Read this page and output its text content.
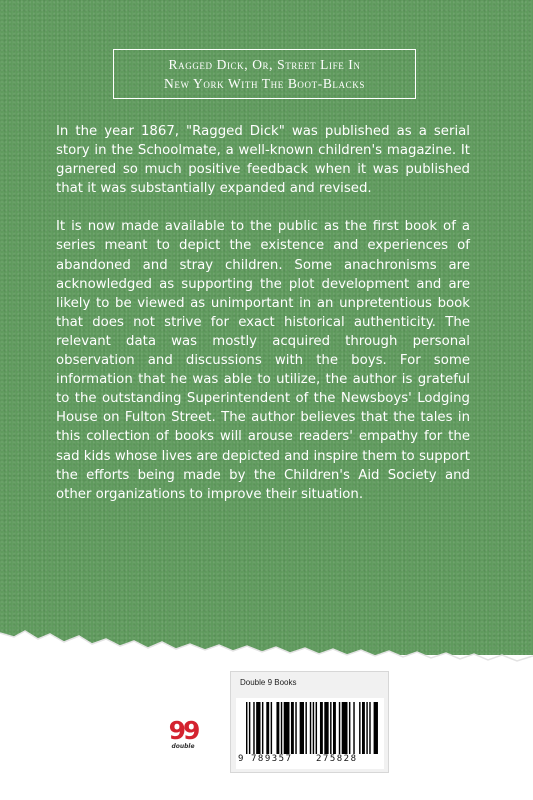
Ragged Dick, Or, Street Life In
New York With The Boot-Blacks

In the year 1867, "Ragged Dick" was published as a serial story in the Schoolmate, a well-known children's magazine. It garnered so much positive feedback when it was published that it was substantially expanded and revised.

It is now made available to the public as the first book of a series meant to depict the existence and experiences of abandoned and stray children. Some anachronisms are acknowledged as supporting the plot development and are likely to be viewed as unimportant in an unpretentious book that does not strive for exact historical authenticity. The relevant data was mostly acquired through personal observation and discussions with the boys. For some information that he was able to utilize, the author is grateful to the outstanding Superintendent of the Newsboys' Lodging House on Fulton Street. The author believes that the tales in this collection of books will arouse readers' empathy for the sad kids whose lives are depicted and inspire them to support the efforts being made by the Children's Aid Society and other organizations to improve their situation.

99
double
Double 9 Books
9 789357	275828
